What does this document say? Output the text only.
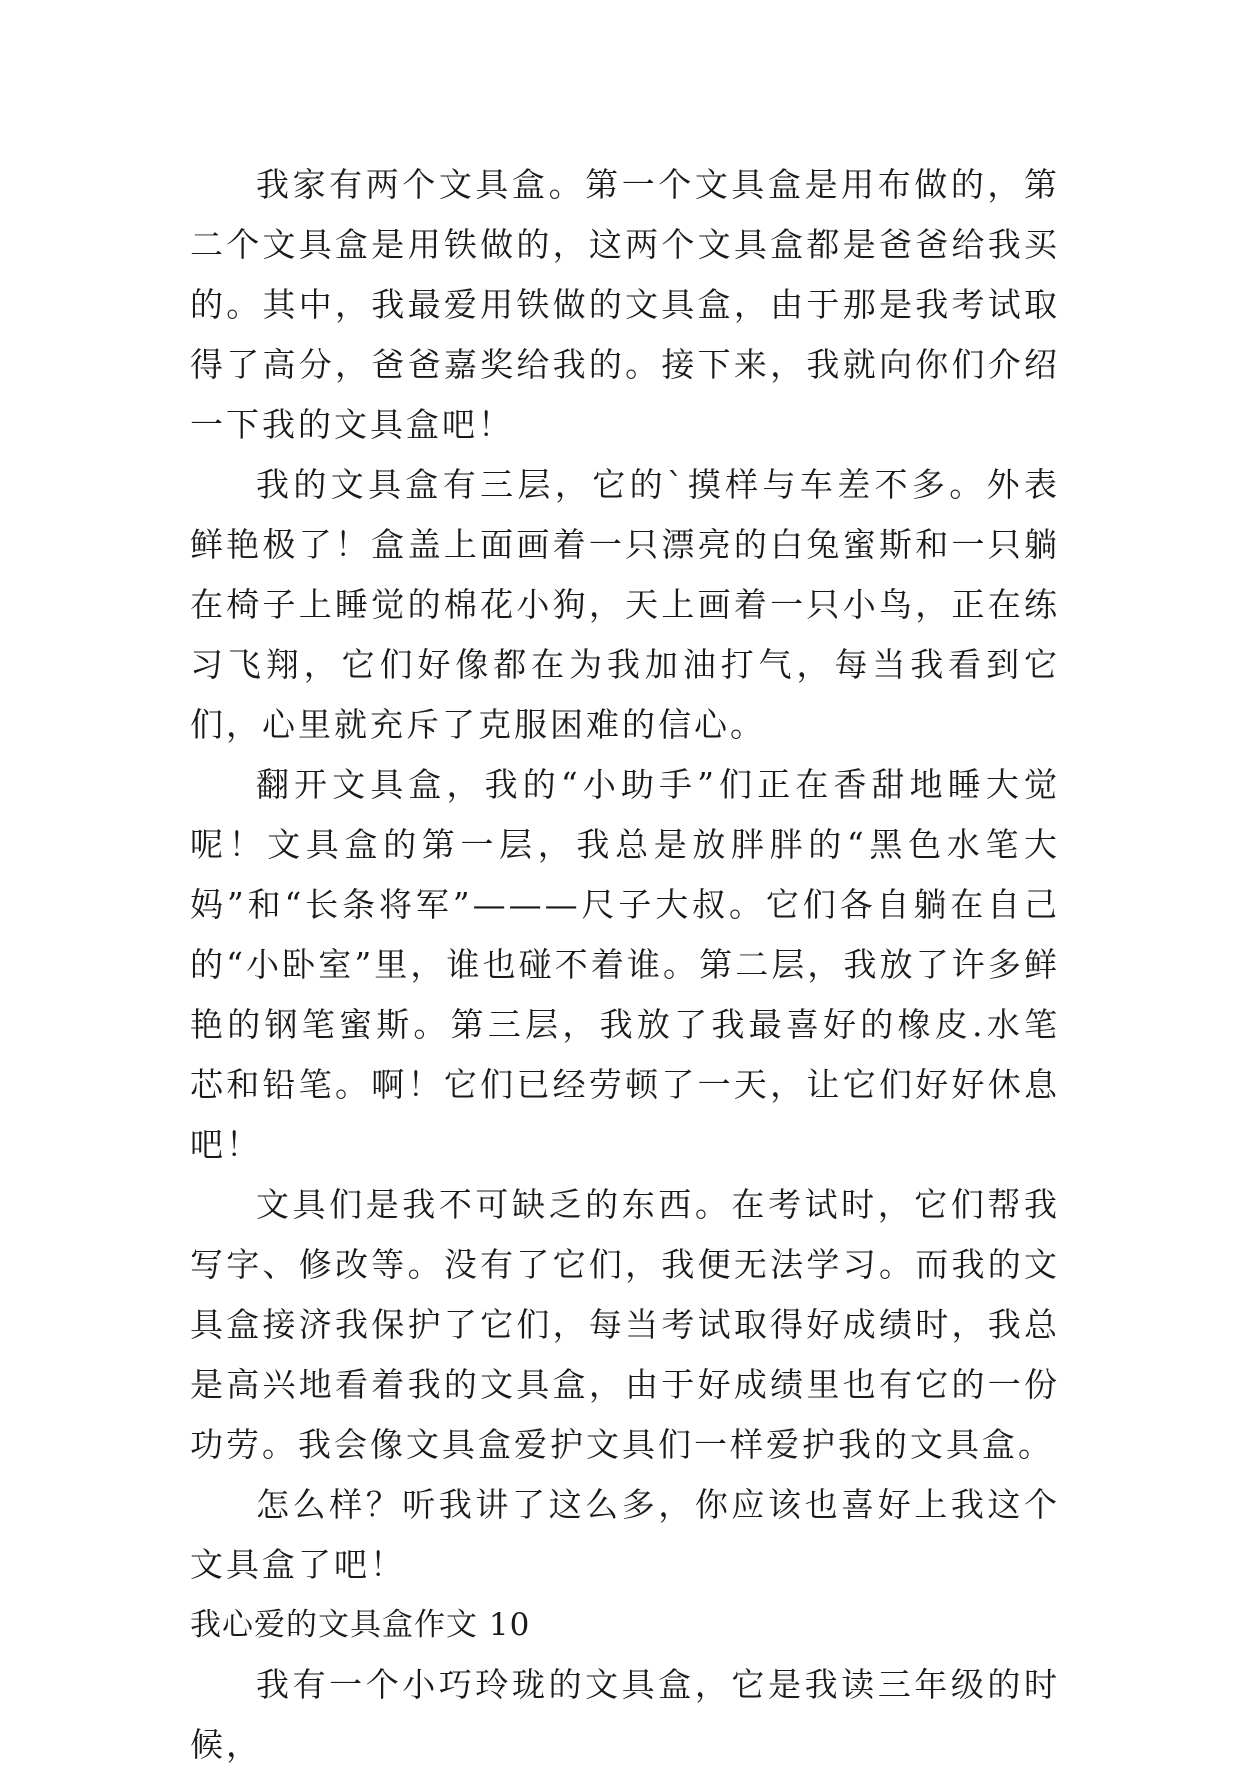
我家有两个文具盒。第一个文具盒是用布做的，第二个文具盒是用铁做的，这两个文具盒都是爸爸给我买的。其中，我最爱用铁做的文具盒，由于那是我考试取得了高分，爸爸嘉奖给我的。接下来，我就向你们介绍一下我的文具盒吧！

我的文具盒有三层，它的`摸样与车差不多。外表鲜艳极了！盒盖上面画着一只漂亮的白兔蜜斯和一只躺在椅子上睡觉的棉花小狗，天上画着一只小鸟，正在练习飞翔，它们好像都在为我加油打气，每当我看到它们，心里就充斥了克服困难的信心。

翻开文具盒，我的“小助手”们正在香甜地睡大觉呢！文具盒的第一层，我总是放胖胖的“黑色水笔大妈”和“长条将军”———尺子大叔。它们各自躺在自己的“小卧室”里，谁也碰不着谁。第二层，我放了许多鲜艳的钢笔蜜斯。第三层，我放了我最喜好的橡皮.水笔芯和铅笔。啊！它们已经劳顿了一天，让它们好好休息吧！

文具们是我不可缺乏的东西。在考试时，它们帮我写字、修改等。没有了它们，我便无法学习。而我的文具盒接济我保护了它们，每当考试取得好成绩时，我总是高兴地看着我的文具盒，由于好成绩里也有它的一份功劳。我会像文具盒爱护文具们一样爱护我的文具盒。

怎么样？听我讲了这么多，你应该也喜好上我这个文具盒了吧！

我心爱的文具盒作文 10

我有一个小巧玲珑的文具盒，它是我读三年级的时候，
